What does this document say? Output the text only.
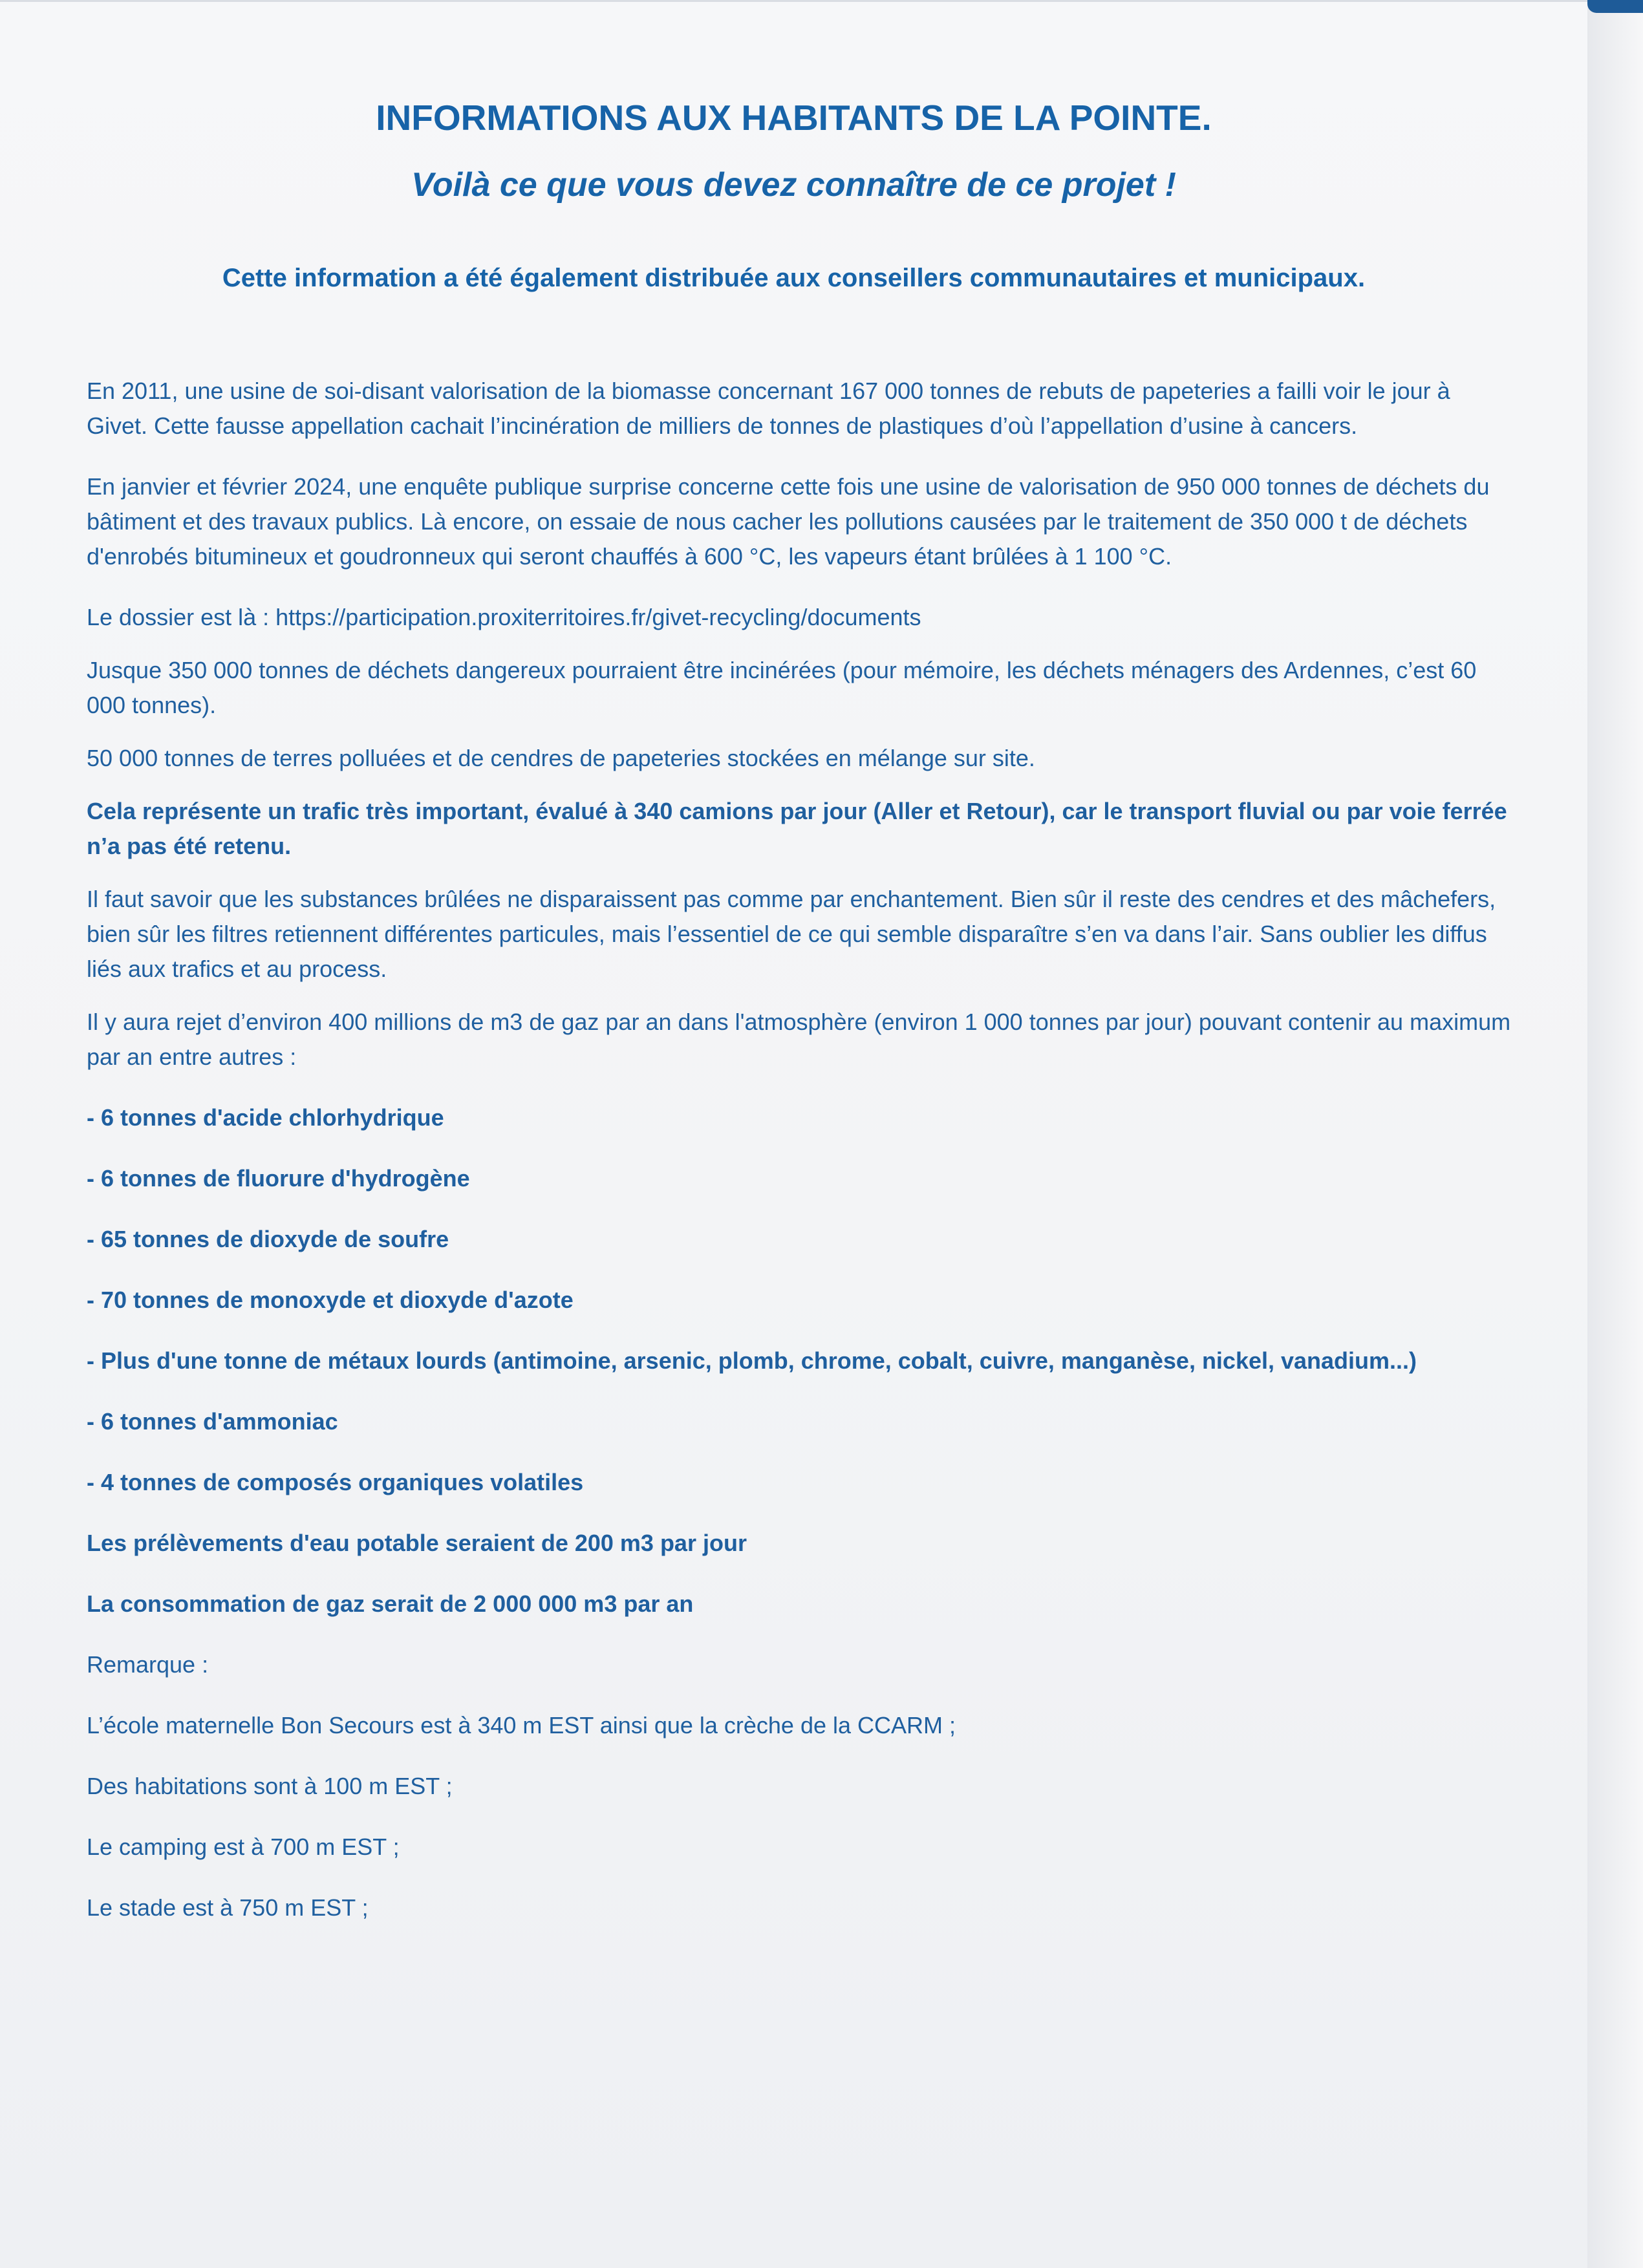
INFORMATIONS AUX HABITANTS DE LA POINTE.
Voilà ce que vous devez connaître de ce projet !

Cette information a été également distribuée aux conseillers communautaires et municipaux.

En 2011, une usine de soi-disant valorisation de la biomasse concernant 167 000 tonnes de rebuts de papeteries a failli voir le jour à Givet. Cette fausse appellation cachait l’incinération de milliers de tonnes de plastiques d’où l’appellation d’usine à cancers.

En janvier et février 2024, une enquête publique surprise concerne cette fois une usine de valorisation de 950 000 tonnes de déchets du bâtiment et des travaux publics. Là encore, on essaie de nous cacher les pollutions causées par le traitement de 350 000 t de déchets d'enrobés bitumineux et goudronneux qui seront chauffés à 600 °C, les vapeurs étant brûlées à 1 100 °C.

Le dossier est là : https://participation.proxiterritoires.fr/givet-recycling/documents

Jusque 350 000 tonnes de déchets dangereux pourraient être incinérées (pour mémoire, les déchets ménagers des Ardennes, c’est 60 000 tonnes).

50 000 tonnes de terres polluées et de cendres de papeteries stockées en mélange sur site.

Cela représente un trafic très important, évalué à 340 camions par jour (Aller et Retour), car le transport fluvial ou par voie ferrée n’a pas été retenu.

Il faut savoir que les substances brûlées ne disparaissent pas comme par enchantement. Bien sûr il reste des cendres et des mâchefers, bien sûr les filtres retiennent différentes particules, mais l’essentiel de ce qui semble disparaître s’en va dans l’air. Sans oublier les diffus liés aux trafics et au process.

Il y aura rejet d’environ 400 millions de m3 de gaz par an dans l'atmosphère (environ 1 000 tonnes par jour) pouvant contenir au maximum par an entre autres :

- 6 tonnes d'acide chlorhydrique

- 6 tonnes de fluorure d'hydrogène

- 65 tonnes de dioxyde de soufre

- 70 tonnes de monoxyde et dioxyde d'azote

- Plus d'une tonne de métaux lourds (antimoine, arsenic, plomb, chrome, cobalt, cuivre, manganèse, nickel, vanadium...)

- 6 tonnes d'ammoniac

- 4 tonnes de composés organiques volatiles

Les prélèvements d'eau potable seraient de 200 m3 par jour

La consommation de gaz serait de 2 000 000 m3 par an

Remarque :

L’école maternelle Bon Secours est à 340 m EST ainsi que la crèche de la CCARM ;

Des habitations sont à 100 m EST ;

Le camping est à 700 m EST ;

Le stade est à 750 m EST ;
